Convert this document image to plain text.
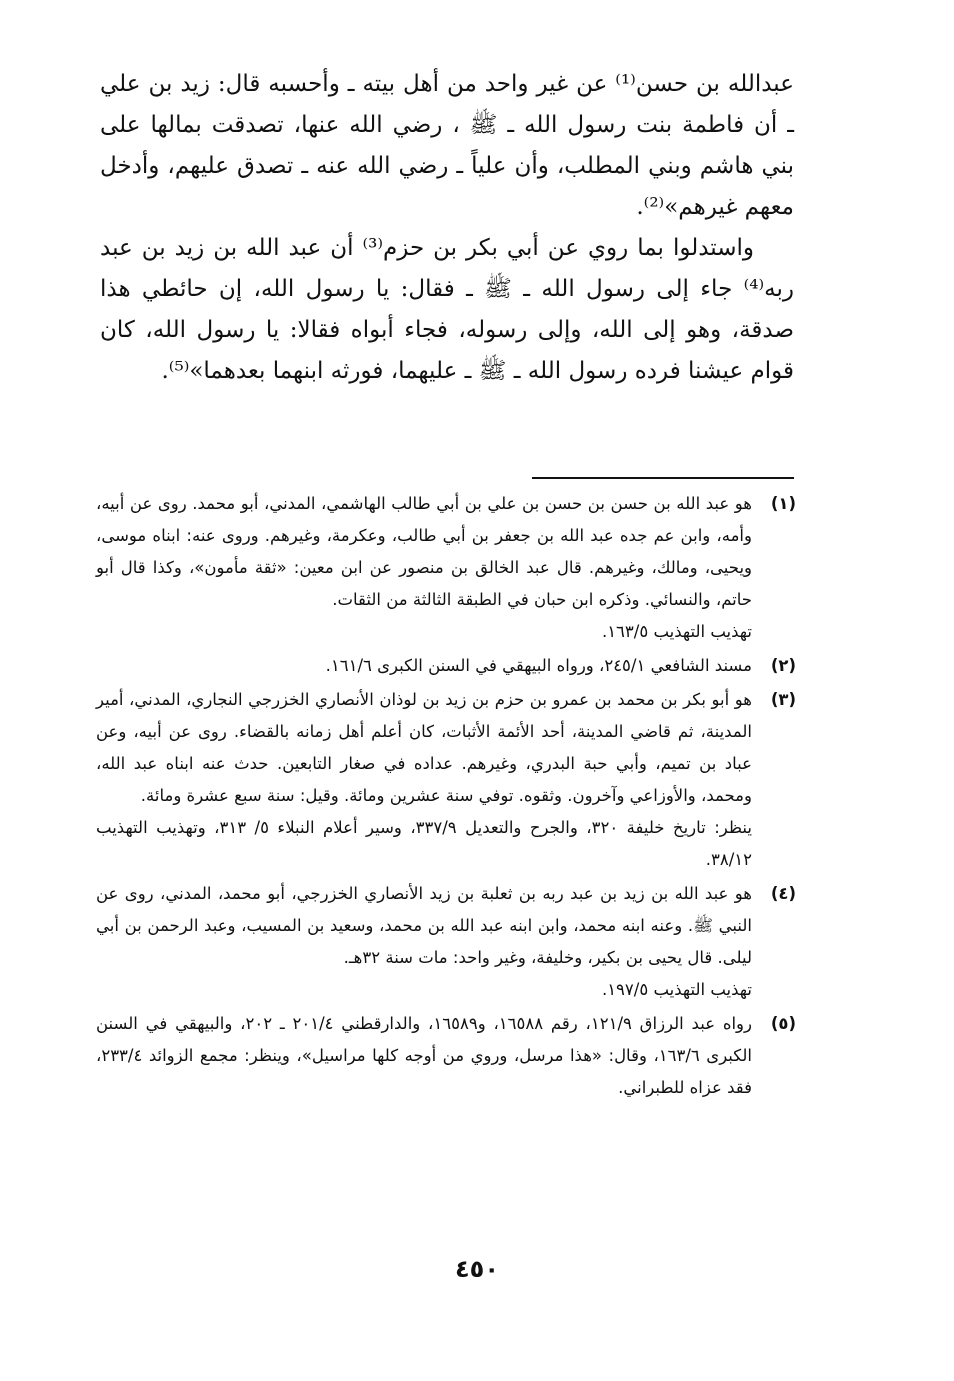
عبدالله بن حسن⁽¹⁾ عن غير واحد من أهل بيته ـ وأحسبه قال: زيد بن علي ـ أن فاطمة بنت رسول الله ـ ﷺ ، رضي الله عنها، تصدقت بمالها على بني هاشم وبني المطلب، وأن علياً ـ رضي الله عنه ـ تصدق عليهم، وأدخل معهم غيرهم»⁽²⁾.

واستدلوا بما روي عن أبي بكر بن حزم⁽³⁾ أن عبد الله بن زيد بن عبد ربه⁽⁴⁾ جاء إلى رسول الله ـ ﷺ ـ فقال: يا رسول الله، إن حائطي هذا صدقة، وهو إلى الله، وإلى رسوله، فجاء أبواه فقالا: يا رسول الله، كان قوام عيشنا فرده رسول الله ـ ﷺ ـ عليهما، فورثه ابنهما بعدهما»⁽⁵⁾.

(١)
هو عبد الله بن حسن بن حسن بن علي بن أبي طالب الهاشمي، المدني، أبو محمد. روى عن أبيه، وأمه، وابن عم جده عبد الله بن جعفر بن أبي طالب، وعكرمة، وغيرهم. وروى عنه: ابناه موسى، ويحيى، ومالك، وغيرهم. قال عبد الخالق بن منصور عن ابن معين: «ثقة مأمون»، وكذا قال أبو حاتم، والنسائي. وذكره ابن حبان في الطبقة الثالثة من الثقات.
تهذيب التهذيب ١٦٣/٥.
(٢)
مسند الشافعي ٢٤٥/١، ورواه البيهقي في السنن الكبرى ١٦١/٦.
(٣)
هو أبو بكر بن محمد بن عمرو بن حزم بن زيد بن لوذان الأنصاري الخزرجي النجاري، المدني، أمير المدينة، ثم قاضي المدينة، أحد الأئمة الأثبات، كان أعلم أهل زمانه بالقضاء. روى عن أبيه، وعن عباد بن تميم، وأبي حبة البدري، وغيرهم. عداده في صغار التابعين. حدث عنه ابناه عبد الله، ومحمد، والأوزاعي وآخرون. وثقوه. توفي سنة عشرين ومائة. وقيل: سنة سبع عشرة ومائة.
ينظر: تاريخ خليفة ٣٢٠، والجرح والتعديل ٣٣٧/٩، وسير أعلام النبلاء ٥/ ٣١٣، وتهذيب التهذيب ٣٨/١٢.
(٤)
هو عبد الله بن زيد بن عبد ربه بن ثعلبة بن زيد الأنصاري الخزرجي، أبو محمد، المدني، روى عن النبي ﷺ. وعنه ابنه محمد، وابن ابنه عبد الله بن محمد، وسعيد بن المسيب، وعبد الرحمن بن أبي ليلى. قال يحيى بن بكير، وخليفة، وغير واحد: مات سنة ٣٢هـ.
تهذيب التهذيب ١٩٧/٥.
(٥)
رواه عبد الرزاق ١٢١/٩، رقم ١٦٥٨٨، و١٦٥٨٩، والدارقطني ٢٠١/٤ ـ ٢٠٢، والبيهقي في السنن الكبرى ١٦٣/٦، وقال: «هذا مرسل، وروي من أوجه كلها مراسيل»، وينظر: مجمع الزوائد ٢٣٣/٤، فقد عزاه للطبراني.
٤٥٠
